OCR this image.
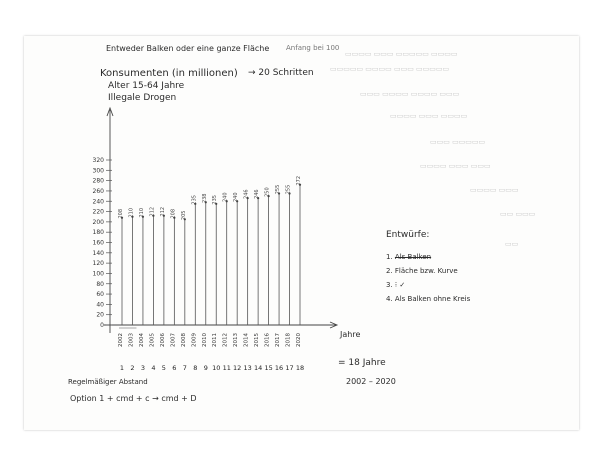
Entweder Balken oder eine ganze Fläche Anfang bei 100
Konsumenten (in millionen) → 20 Schritten
Alter 15-64 Jahre
Illegale Drogen
0
20
40
60
80
100
120
140
160
180
200
220
240
260
280
300
320
208
2002
1
210
2003
2
210
2004
3
212
2005
4
212
2006
5
208
2007
6
205
2008
7
235
2009
8
238
2010
9
235
2011
10
240
2012
11
240
2013
12
246
2014
13
246
2015
14
250
2016
15
255
2017
16
255
2018
17
272
2020
18
Jahre
= 18 Jahre
2002 – 2020
Entwürfe:
1. Als Balken
2. Fläche bzw. Kurve
3. ⁝ ✓
4. Als Balken ohne Kreis
Regelmäßiger Abstand
Option 1 + cmd + c → cmd + D
▭▭▭▭ ▭▭▭ ▭▭▭▭▭ ▭▭▭▭
▭▭▭▭▭ ▭▭▭▭ ▭▭▭ ▭▭▭▭▭
▭▭▭ ▭▭▭▭ ▭▭▭▭ ▭▭▭
▭▭▭▭ ▭▭▭ ▭▭▭▭
▭▭▭ ▭▭▭▭▭
▭▭▭▭ ▭▭▭ ▭▭▭
▭▭▭▭ ▭▭▭
▭▭ ▭▭▭
▭▭
